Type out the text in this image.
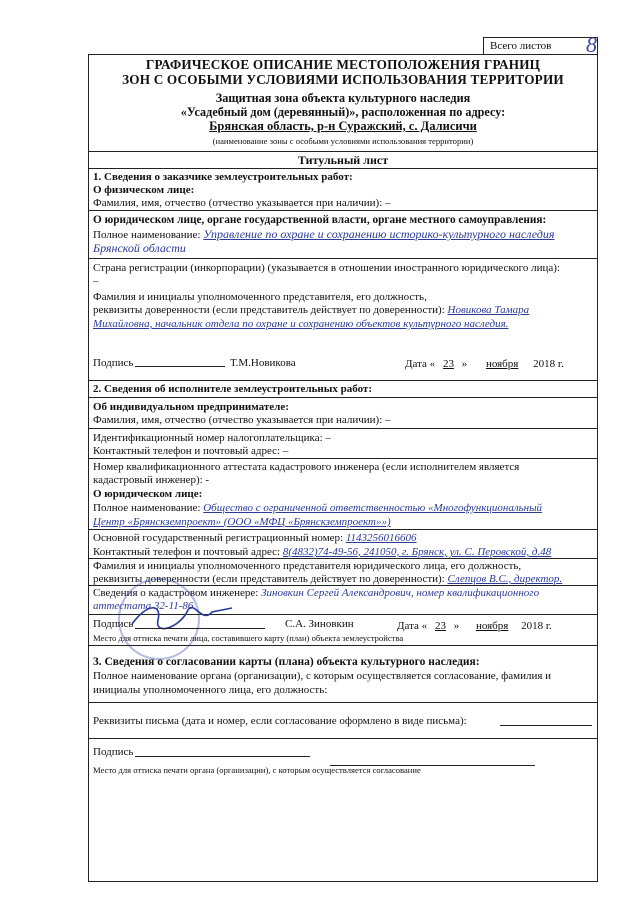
Всего листов 8
ГРАФИЧЕСКОЕ ОПИСАНИЕ МЕСТОПОЛОЖЕНИЯ ГРАНИЦ
ЗОН С ОСОБЫМИ УСЛОВИЯМИ ИСПОЛЬЗОВАНИЯ ТЕРРИТОРИИ
Защитная зона объекта культурного наследия
«Усадебный дом (деревянный)», расположенная по адресу:
Брянская область, р-н Суражский, с. Далисичи
(наименование зоны с особыми условиями использования территории)
Титульный лист
1. Сведения о заказчике землеустроительных работ:
О физическом лице:
Фамилия, имя, отчество (отчество указывается при наличии): –
О юридическом лице, органе государственной власти, органе местного самоуправления:
Полное наименование: Управление по охране и сохранению историко-культурного наследия
Брянской области
Страна регистрации (инкорпорации) (указывается в отношении иностранного юридического лица):
–
Фамилия и инициалы уполномоченного представителя, его должность,
реквизиты доверенности (если представитель действует по доверенности): Новикова Тамара
Михайловна, начальник отдела по охране и сохранению объектов культурного наследия.
Подпись	Т.М.Новикова	Дата « 23 » ноября 2018 г.
2. Сведения об исполнителе землеустроительных работ:
Об индивидуальном предпринимателе:
Фамилия, имя, отчество (отчество указывается при наличии): –
Идентификационный номер налогоплательщика: –
Контактный телефон и почтовый адрес: –
Номер квалификационного аттестата кадастрового инженера (если исполнителем является
кадастровый инженер): -
О юридическом лице:
Полное наименование: Общество с ограниченной ответственностью «Многофункциональный
Центр «Брянскземпроект» (ООО «МФЦ «Брянскземпроект»»)
Основной государственный регистрационный номер: 1143256016606
Контактный телефон и почтовый адрес: 8(4832)74-49-56, 241050, г. Брянск, ул. С. Перовской, д.48
Фамилия и инициалы уполномоченного представителя юридического лица, его должность,
реквизиты доверенности (если представитель действует по доверенности): Слепцов В.С., директор.
Сведения о кадастровом инженере: Зиновкин Сергей Александрович, номер квалификационного
аттестата 32-11-86
Подпись	С.А. Зиновкин	Дата « 23 » ноября 2018 г.
Место для оттиска печати лица, составившего карту (план) объекта землеустройства
3. Сведения о согласовании карты (плана) объекта культурного наследия:
Полное наименование органа (организации), с которым осуществляется согласование, фамилия и
инициалы уполномоченного лица, его должность:
Реквизиты письма (дата и номер, если согласование оформлено в виде письма):
Подпись
Место для оттиска печати органа (организации), с которым осуществляется согласование
